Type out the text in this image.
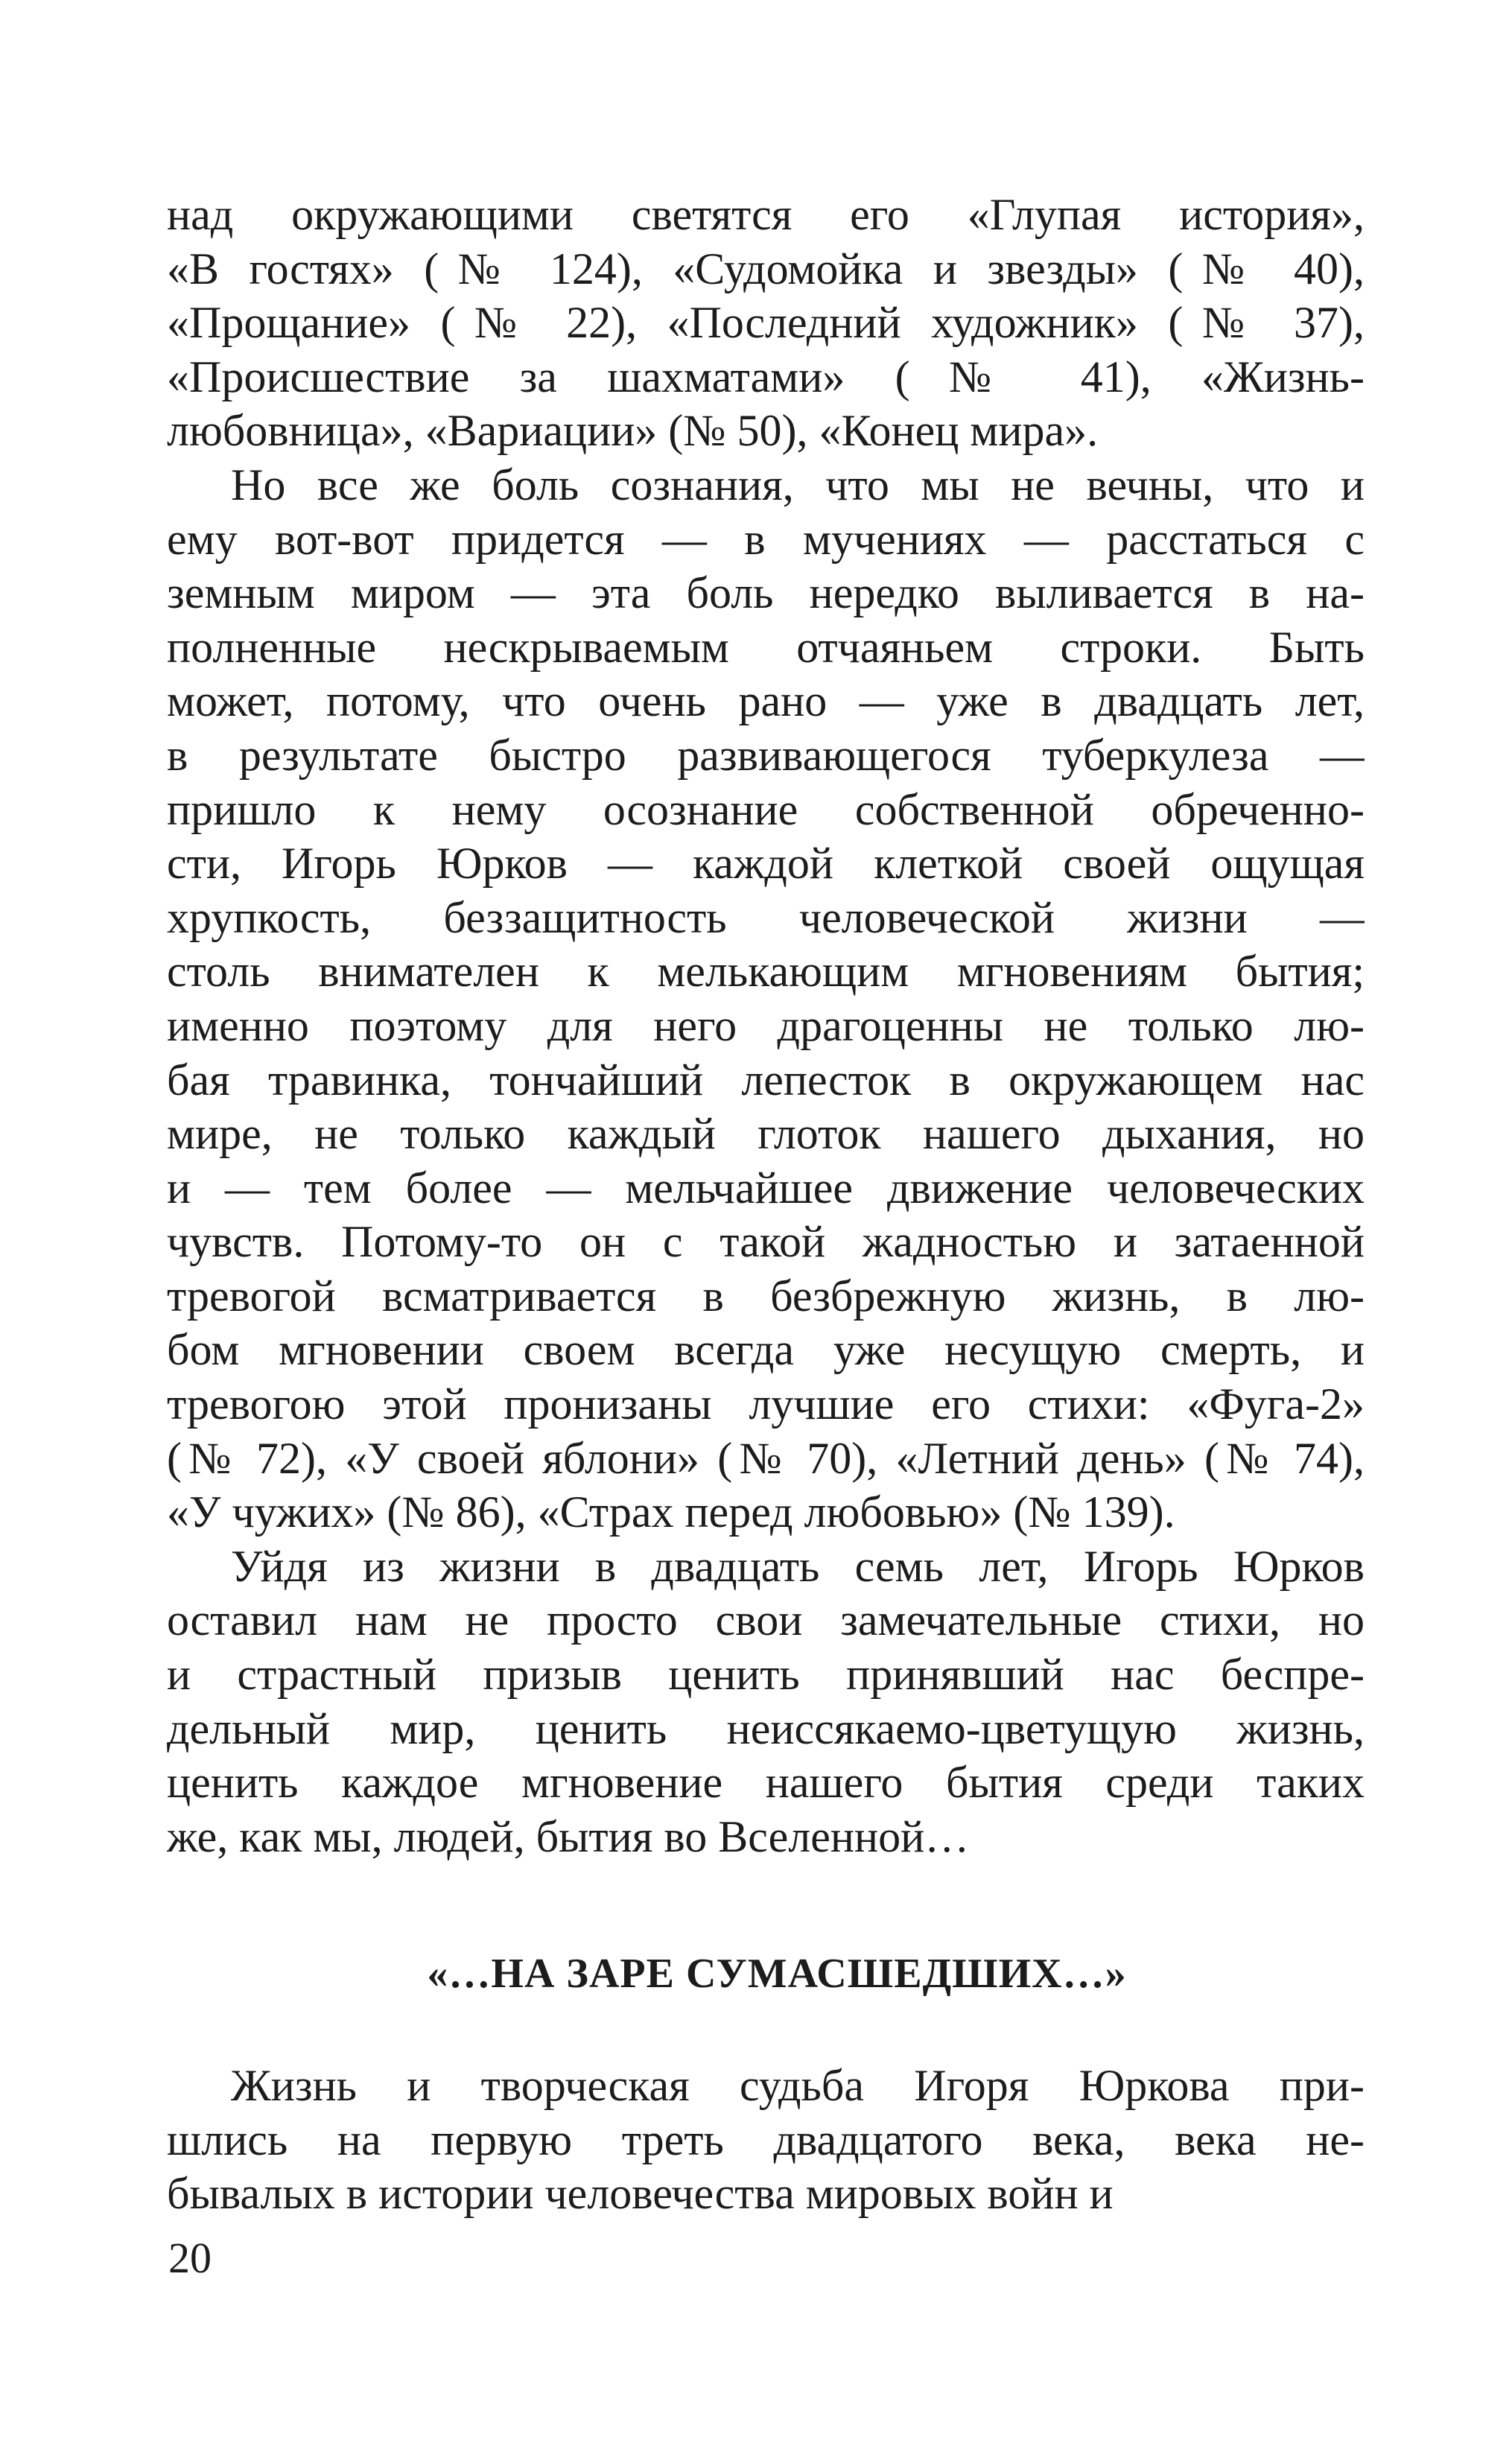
над окружающими светятся его «Глупая история»,
«В гостях» (№ 124), «Судомойка и звезды» (№ 40),
«Прощание» (№ 22), «Последний художник» (№ 37),
«Происшествие за шахматами» (№ 41), «Жизнь-
любовница», «Вариации» (№ 50), «Конец мира».
Но все же боль сознания, что мы не вечны, что и
ему вот-вот придется — в мучениях — расстаться с
земным миром — эта боль нередко выливается в на-
полненные нескрываемым отчаяньем строки. Быть
может, потому, что очень рано — уже в двадцать лет,
в результате быстро развивающегося туберкулеза —
пришло к нему осознание собственной обреченно-
сти, Игорь Юрков — каждой клеткой своей ощущая
хрупкость, беззащитность человеческой жизни —
столь внимателен к мелькающим мгновениям бытия;
именно поэтому для него драгоценны не только лю-
бая травинка, тончайший лепесток в окружающем нас
мире, не только каждый глоток нашего дыхания, но
и — тем более — мельчайшее движение человеческих
чувств. Потому-то он с такой жадностью и затаенной
тревогой всматривается в безбрежную жизнь, в лю-
бом мгновении своем всегда уже несущую смерть, и
тревогою этой пронизаны лучшие его стихи: «Фуга-2»
(№ 72), «У своей яблони» (№ 70), «Летний день» (№ 74),
«У чужих» (№ 86), «Страх перед любовью» (№ 139).
Уйдя из жизни в двадцать семь лет, Игорь Юрков
оставил нам не просто свои замечательные стихи, но
и страстный призыв ценить принявший нас беспре-
дельный мир, ценить неиссякаемо-цветущую жизнь,
ценить каждое мгновение нашего бытия среди таких
же, как мы, людей, бытия во Вселенной…
«…НА ЗАРЕ СУМАСШЕДШИХ…»
Жизнь и творческая судьба Игоря Юркова при-
шлись на первую треть двадцатого века, века не-
бывалых в истории человечества мировых войн и
20
